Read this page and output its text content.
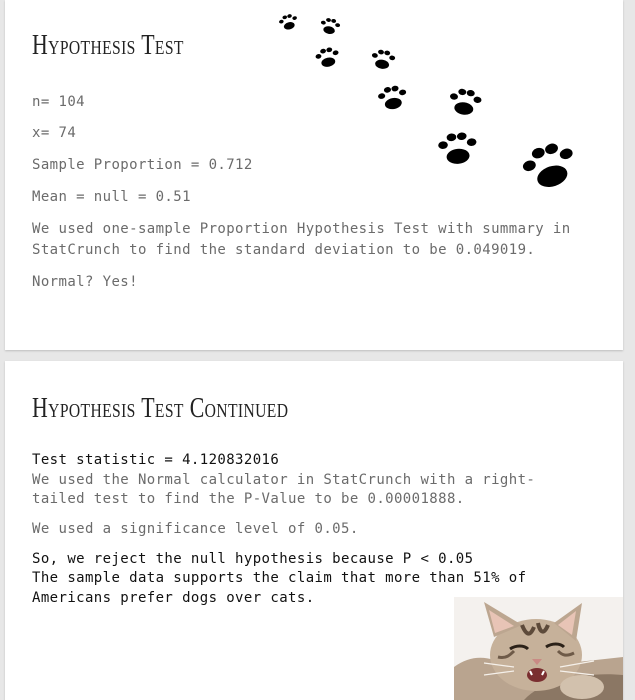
Hypothesis Test

n= 104

x= 74

Sample Proportion = 0.712

Mean = null = 0.51

We used one-sample Proportion Hypothesis Test with summary in

StatCrunch to find the standard deviation to be 0.049019.

Normal? Yes!

Hypothesis Test Continued

Test statistic = 4.120832016

We used the Normal calculator in StatCrunch with a right-

tailed test to find the P-Value to be 0.00001888.

We used a significance level of 0.05.

So, we reject the null hypothesis because P < 0.05

The sample data supports the claim that more than 51% of

Americans prefer dogs over cats.
